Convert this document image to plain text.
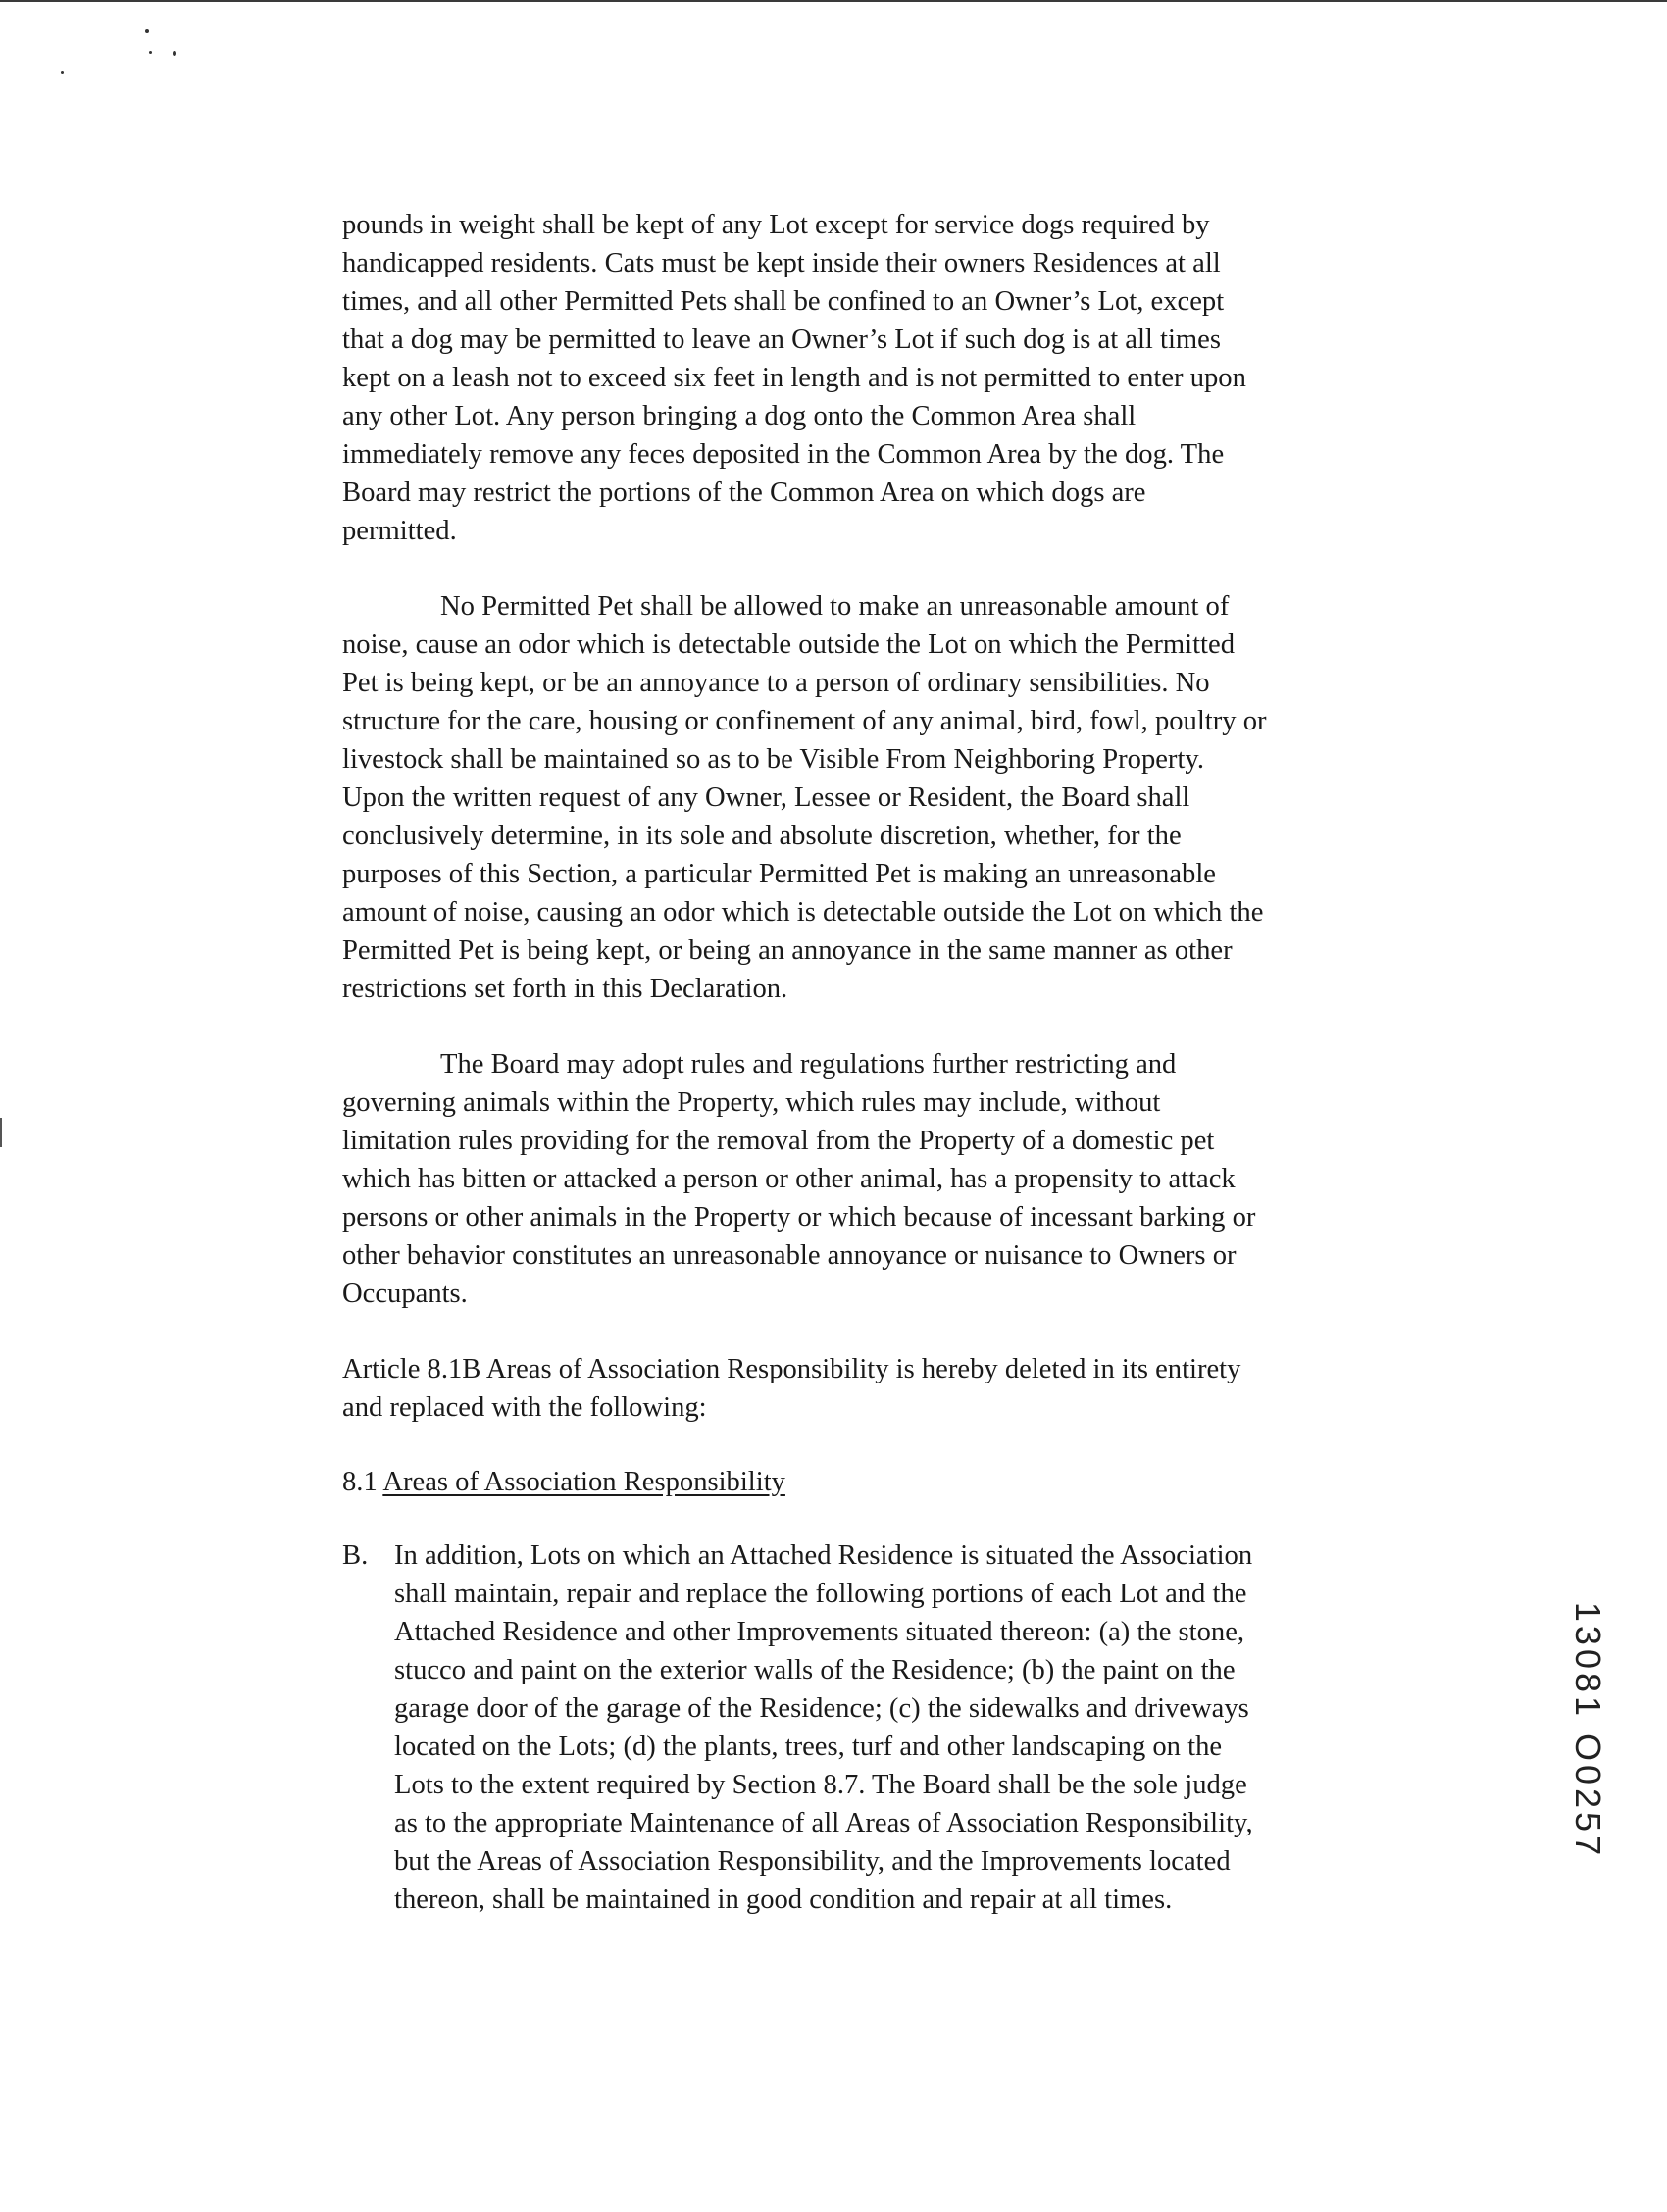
pounds in weight shall be kept of any Lot except for service dogs required by
handicapped residents. Cats must be kept inside their owners Residences at all
times, and all other Permitted Pets shall be confined to an Owner’s Lot, except
that a dog may be permitted to leave an Owner’s Lot if such dog is at all times
kept on a leash not to exceed six feet in length and is not permitted to enter upon
any other Lot. Any person bringing a dog onto the Common Area shall
immediately remove any feces deposited in the Common Area by the dog. The
Board may restrict the portions of the Common Area on which dogs are
permitted.

No Permitted Pet shall be allowed to make an unreasonable amount of
noise, cause an odor which is detectable outside the Lot on which the Permitted
Pet is being kept, or be an annoyance to a person of ordinary sensibilities. No
structure for the care, housing or confinement of any animal, bird, fowl, poultry or
livestock shall be maintained so as to be Visible From Neighboring Property.
Upon the written request of any Owner, Lessee or Resident, the Board shall
conclusively determine, in its sole and absolute discretion, whether, for the
purposes of this Section, a particular Permitted Pet is making an unreasonable
amount of noise, causing an odor which is detectable outside the Lot on which the
Permitted Pet is being kept, or being an annoyance in the same manner as other
restrictions set forth in this Declaration.

The Board may adopt rules and regulations further restricting and
governing animals within the Property, which rules may include, without
limitation rules providing for the removal from the Property of a domestic pet
which has bitten or attacked a person or other animal, has a propensity to attack
persons or other animals in the Property or which because of incessant barking or
other behavior constitutes an unreasonable annoyance or nuisance to Owners or
Occupants.

Article 8.1B Areas of Association Responsibility is hereby deleted in its entirety
and replaced with the following:

8.1 Areas of Association Responsibility
B. In addition, Lots on which an Attached Residence is situated the Association
shall maintain, repair and replace the following portions of each Lot and the
Attached Residence and other Improvements situated thereon: (a) the stone,
stucco and paint on the exterior walls of the Residence; (b) the paint on the
garage door of the garage of the Residence; (c) the sidewalks and driveways
located on the Lots; (d) the plants, trees, turf and other landscaping on the
Lots to the extent required by Section 8.7. The Board shall be the sole judge
as to the appropriate Maintenance of all Areas of Association Responsibility,
but the Areas of Association Responsibility, and the Improvements located
thereon, shall be maintained in good condition and repair at all times.
13081 O0257
